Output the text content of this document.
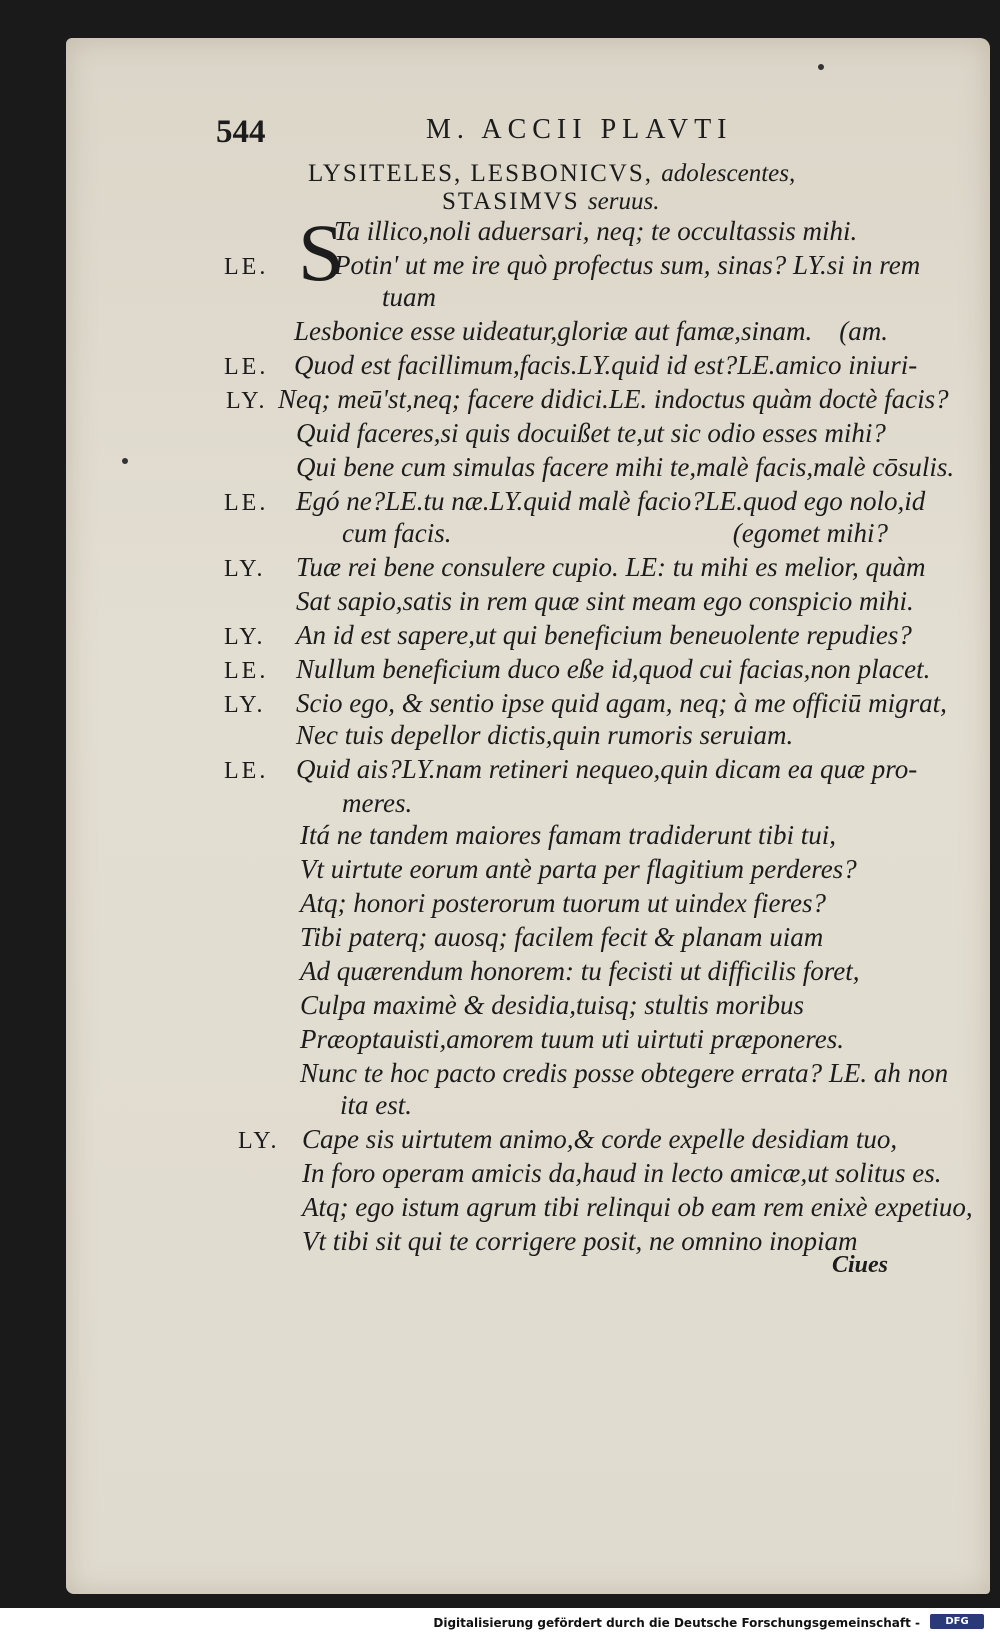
544	M. ACCII PLAVTI
LYSITELES, LESBONICVS, adolescentes,
STASIMVS seruus.
S
Ta illico,noli aduersari, neq; te occultassis mihi.
LE. Potin' ut me ire quò profectus sum, sinas? LY.si in rem
tuam
Lesbonice esse uideatur,gloriæ aut famæ,sinam. (am.
LE. Quod est facillimum,facis.LY.quid id est?LE.amico iniuri-
LY. Neq; meū'st,neq; facere didici.LE. indoctus quàm doctè facis?
Quid faceres,si quis docuißet te,ut sic odio esses mihi?
Qui bene cum simulas facere mihi te,malè facis,malè cōsulis.
LE. Egó ne?LE.tu næ.LY.quid malè facio?LE.quod ego nolo,id
cum facis.	(egomet mihi?
LY. Tuæ rei bene consulere cupio. LE: tu mihi es melior, quàm
Sat sapio,satis in rem quæ sint meam ego conspicio mihi.
LY. An id est sapere,ut qui beneficium beneuolente repudies?
LE. Nullum beneficium duco eße id,quod cui facias,non placet.
LY. Scio ego, & sentio ipse quid agam, neq; à me officiū migrat,
Nec tuis depellor dictis,quin rumoris seruiam.
LE. Quid ais?LY.nam retineri nequeo,quin dicam ea quæ pro-
meres.
Itá ne tandem maiores famam tradiderunt tibi tui,
Vt uirtute eorum antè parta per flagitium perderes?
Atq; honori posterorum tuorum ut uindex fieres?
Tibi paterq; auosq; facilem fecit & planam uiam
Ad quærendum honorem: tu fecisti ut difficilis foret,
Culpa maximè & desidia,tuisq; stultis moribus
Præoptauisti,amorem tuum uti uirtuti præponeres.
Nunc te hoc pacto credis posse obtegere errata? LE. ah non
ita est.
LY. Cape sis uirtutem animo,& corde expelle desidiam tuo,
In foro operam amicis da,haud in lecto amicæ,ut solitus es.
Atq; ego istum agrum tibi relinqui ob eam rem enixè expetiuo,
Vt tibi sit qui te corrigere posit, ne omnino inopiam
Ciues
Digitalisierung gefördert durch die Deutsche Forschungsgemeinschaft -	DFG
